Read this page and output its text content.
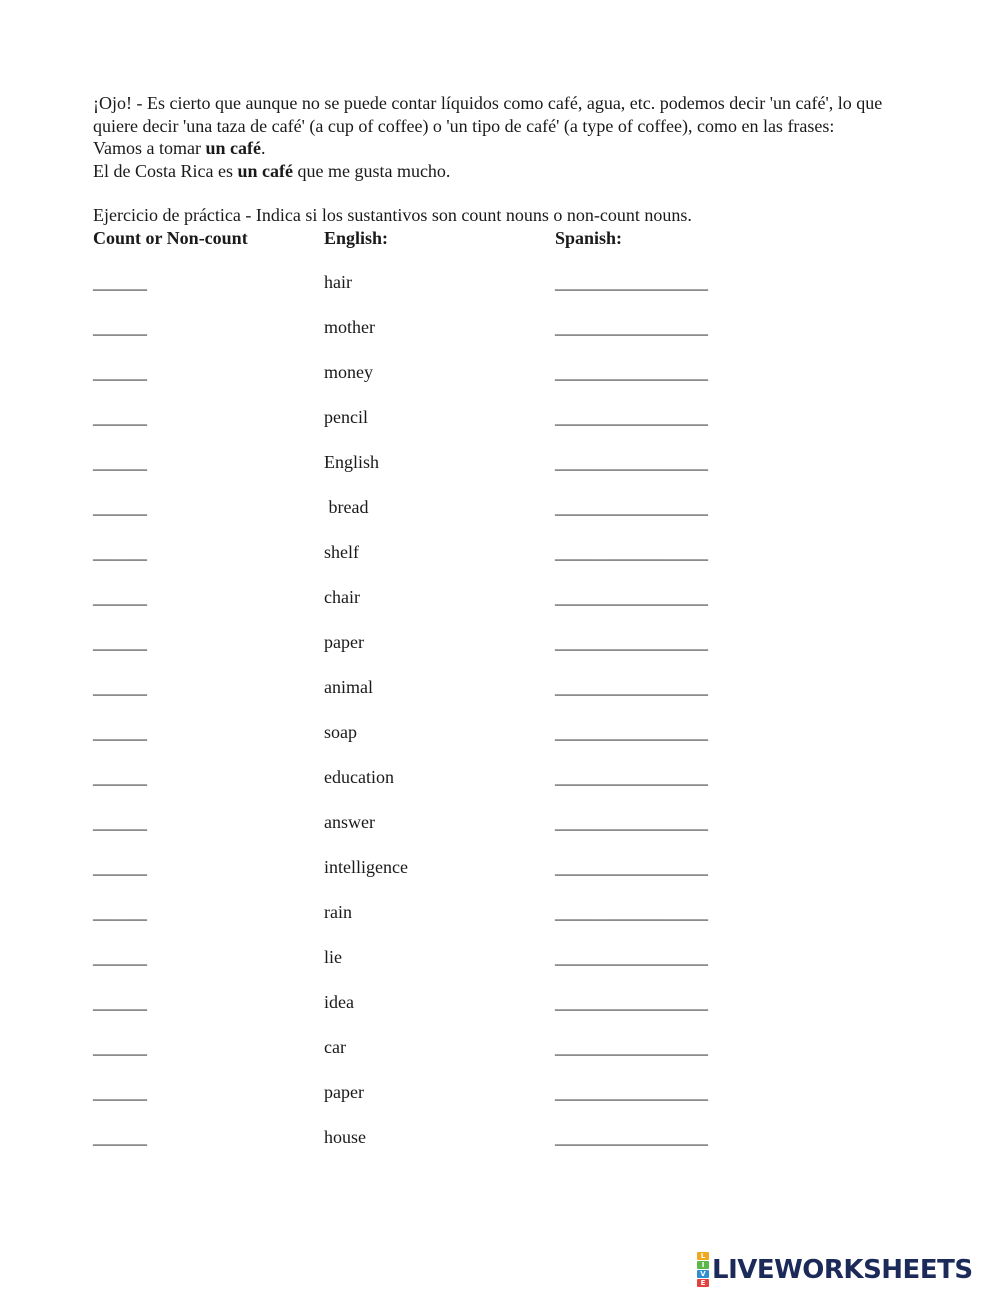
¡Ojo! - Es cierto que aunque no se puede contar líquidos como café, agua, etc. podemos decir 'un café', lo que quiere decir 'una taza de café' (a cup of coffee) o 'un tipo de café' (a type of coffee), como en las frases:

Vamos a tomar un café.

El de Costa Rica es un café que me gusta mucho.

Ejercicio de práctica - Indica si los sustantivos son count nouns o non-count nouns.

Count or Non-count	English:	Spanish:
______	hair	_________________
______	mother	_________________
______	money	_________________
______	pencil	_________________
______	English	_________________
______	bread	_________________
______	shelf	_________________
______	chair	_________________
______	paper	_________________
______	animal	_________________
______	soap	_________________
______	education	_________________
______	answer	_________________
______	intelligence	_________________
______	rain	_________________
______	lie	_________________
______	idea	_________________
______	car	_________________
______	paper	_________________
______	house	_________________
L
I
V
E LIVEWORKSHEETS
